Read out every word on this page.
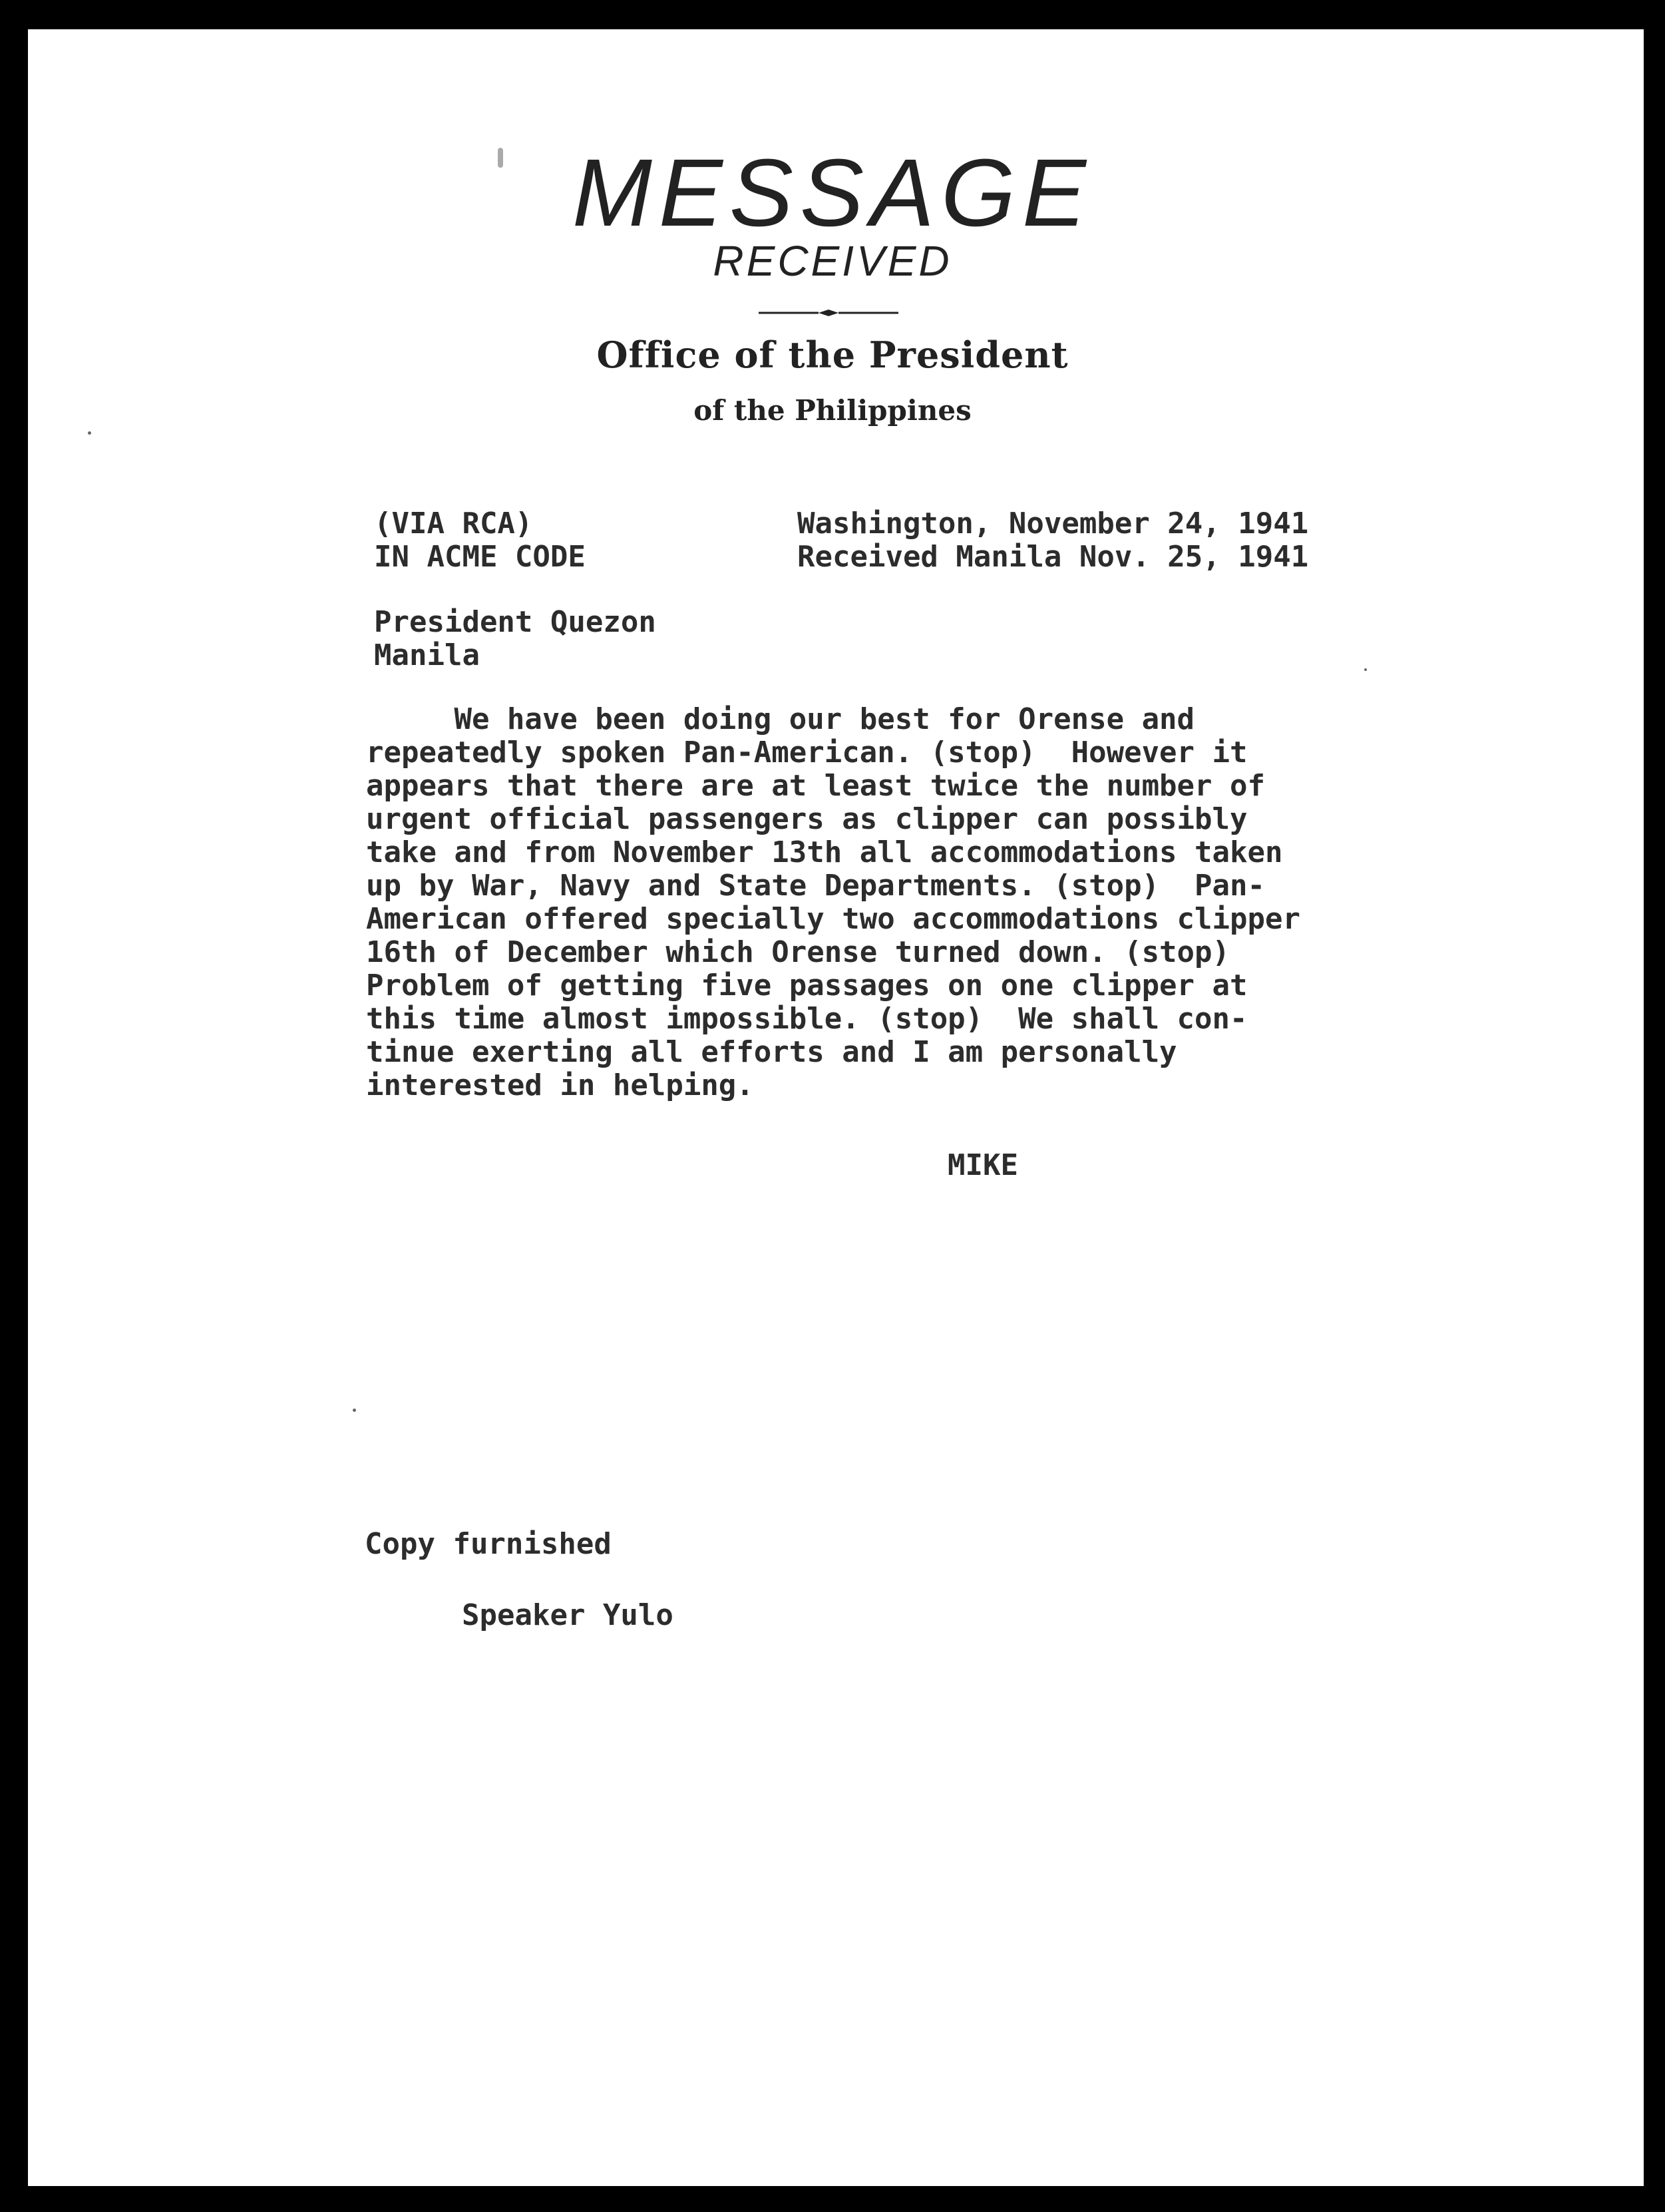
MESSAGE
RECEIVED
Office of the President
of the Philippines
(VIA RCA)
IN ACME CODE
Washington, November 24, 1941
Received Manila Nov. 25, 1941
President Quezon
Manila
We have been doing our best for Orense and
repeatedly spoken Pan-American. (stop)  However it
appears that there are at least twice the number of
urgent official passengers as clipper can possibly
take and from November 13th all accommodations taken
up by War, Navy and State Departments. (stop)  Pan-
American offered specially two accommodations clipper
16th of December which Orense turned down. (stop)
Problem of getting five passages on one clipper at
this time almost impossible. (stop)  We shall con-
tinue exerting all efforts and I am personally
interested in helping.
MIKE
Copy furnished
Speaker Yulo
